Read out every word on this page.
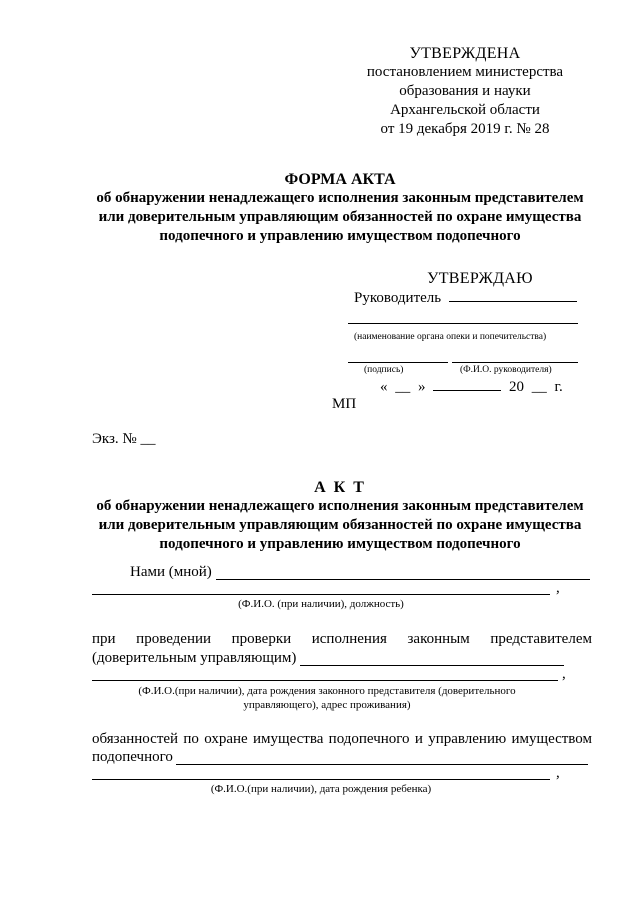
УТВЕРЖДЕНА
постановлением министерства
образования и науки
Архангельской области
от 19 декабря 2019 г. № 28
ФОРМА АКТА
об обнаружении ненадлежащего исполнения законным представителем
или доверительным управляющим обязанностей по охране имущества
подопечного и управлению имуществом подопечного
УТВЕРЖДАЮ
Руководитель
(наименование органа опеки и попечительства)
(подпись)	(Ф.И.О. руководителя)
« __ »	20 __ г.
МП
Экз. № __
А К Т
об обнаружении ненадлежащего исполнения законным представителем
или доверительным управляющим обязанностей по охране имущества
подопечного и управлению имуществом подопечного
Нами (мной)
,
(Ф.И.О. (при наличии), должность)
при проведении проверки исполнения законным представителем
(доверительным управляющим)
,
(Ф.И.О.(при наличии), дата рождения законного представителя (доверительного
управляющего), адрес проживания)
обязанностей по охране имущества подопечного и управлению имуществом
подопечного
,
(Ф.И.О.(при наличии), дата рождения ребенка)
